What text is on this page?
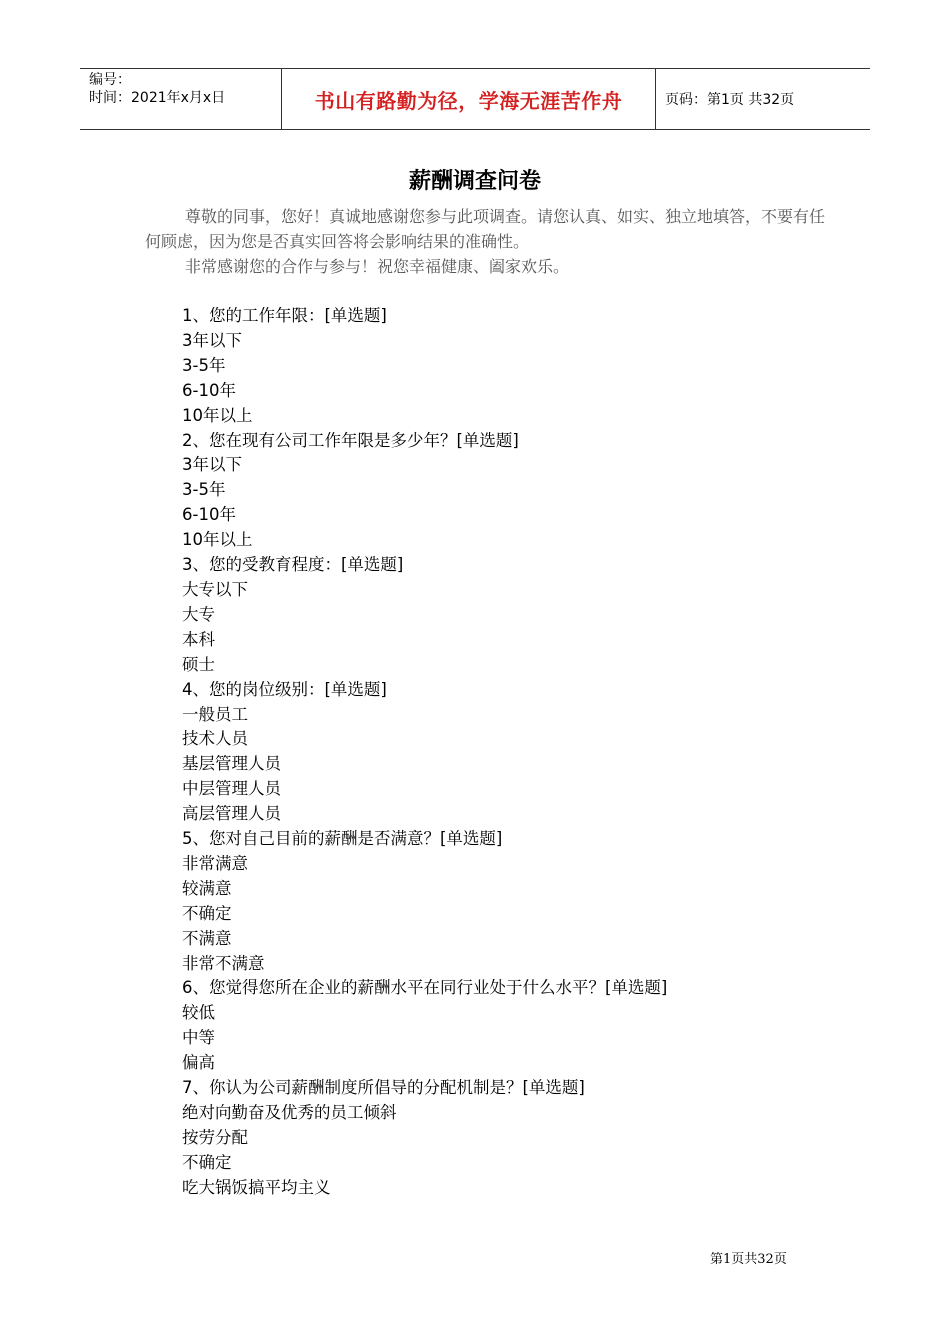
编号：
时间：2021年x月x日	书山有路勤为径，学海无涯苦作舟	页码：第1页 共32页
薪酬调查问卷

尊敬的同事，您好！真诚地感谢您参与此项调查。请您认真、如实、独立地填答，不要有任何顾虑，因为您是否真实回答将会影响结果的准确性。

非常感谢您的合作与参与！祝您幸福健康、阖家欢乐。

1、您的工作年限：[单选题]
3年以下
3-5年
6-10年
10年以上
2、您在现有公司工作年限是多少年？[单选题]
3年以下
3-5年
6-10年
10年以上
3、您的受教育程度：[单选题]
大专以下
大专
本科
硕士
4、您的岗位级别：[单选题]
一般员工
技术人员
基层管理人员
中层管理人员
高层管理人员
5、您对自己目前的薪酬是否满意？[单选题]
非常满意
较满意
不确定
不满意
非常不满意
6、您觉得您所在企业的薪酬水平在同行业处于什么水平？[单选题]
较低
中等
偏高
7、你认为公司薪酬制度所倡导的分配机制是？[单选题]
绝对向勤奋及优秀的员工倾斜
按劳分配
不确定
吃大锅饭搞平均主义
第1页共32页
